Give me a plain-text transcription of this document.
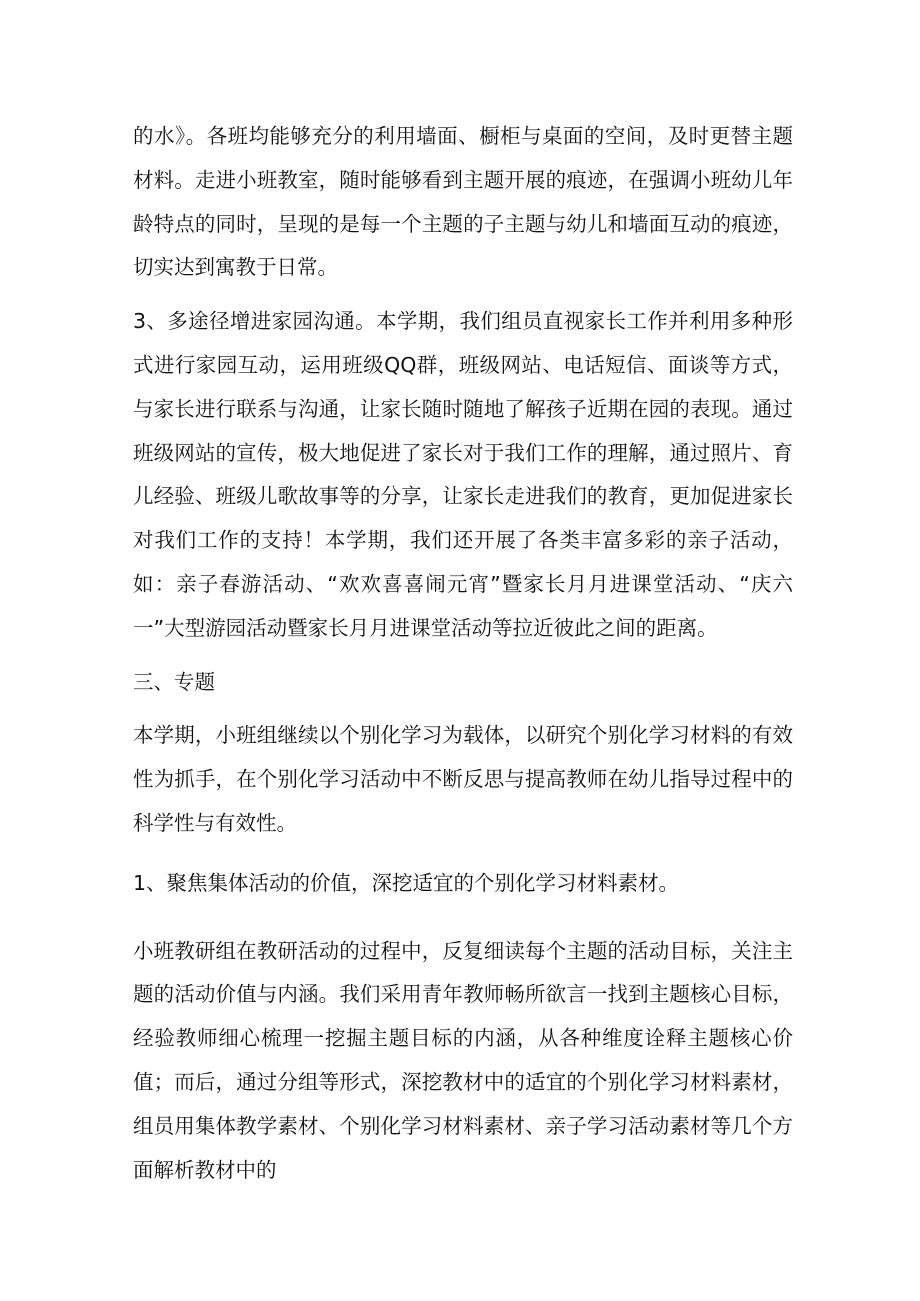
的水》。各班均能够充分的利用墙面、橱柜与桌面的空间，及时更替主题材料。走进小班教室，随时能够看到主题开展的痕迹，在强调小班幼儿年龄特点的同时，呈现的是每一个主题的子主题与幼儿和墙面互动的痕迹，切实达到寓教于日常。

3、多途径增进家园沟通。本学期，我们组员直视家长工作并利用多种形式进行家园互动，运用班级QQ群，班级网站、电话短信、面谈等方式，与家长进行联系与沟通，让家长随时随地了解孩子近期在园的表现。通过班级网站的宣传，极大地促进了家长对于我们工作的理解，通过照片、育儿经验、班级儿歌故事等的分享，让家长走进我们的教育，更加促进家长对我们工作的支持！本学期，我们还开展了各类丰富多彩的亲子活动，如：亲子春游活动、“欢欢喜喜闹元宵”暨家长月月进课堂活动、“庆六一”大型游园活动暨家长月月进课堂活动等拉近彼此之间的距离。

三、专题

本学期，小班组继续以个别化学习为载体，以研究个别化学习材料的有效性为抓手，在个别化学习活动中不断反思与提高教师在幼儿指导过程中的科学性与有效性。

1、聚焦集体活动的价值，深挖适宜的个别化学习材料素材。

小班教研组在教研活动的过程中，反复细读每个主题的活动目标，关注主题的活动价值与内涵。我们采用青年教师畅所欲言一找到主题核心目标，经验教师细心梳理一挖掘主题目标的内涵，从各种维度诠释主题核心价值；而后，通过分组等形式，深挖教材中的适宜的个别化学习材料素材，组员用集体教学素材、个别化学习材料素材、亲子学习活动素材等几个方面解析教材中的
